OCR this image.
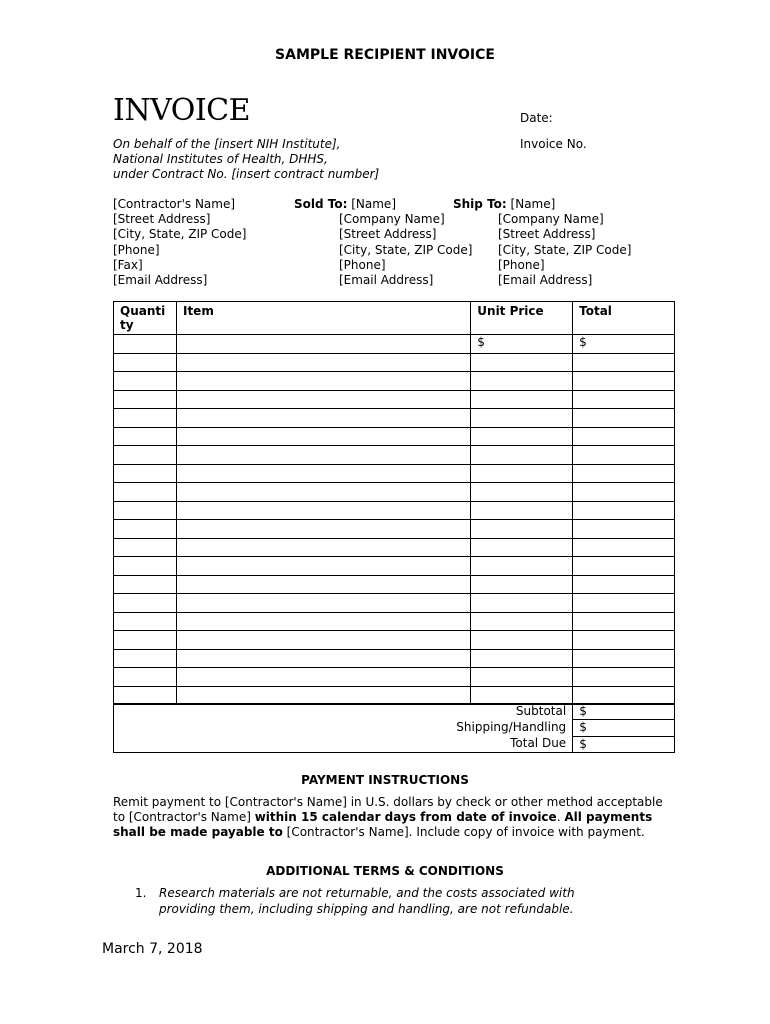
SAMPLE RECIPIENT INVOICE
INVOICE	Date:
Invoice No.
On behalf of the [insert NIH Institute],
National Institutes of Health, DHHS,
under Contract No. [insert contract number]
[Contractor's Name]
[Street Address]
[City, State, ZIP Code]
[Phone]
[Fax]
[Email Address]
Sold To: [Name]
[Company Name]
[Street Address]
[City, State, ZIP Code]
[Phone]
[Email Address]
Ship To: [Name]
[Company Name]
[Street Address]
[City, State, ZIP Code]
[Phone]
[Email Address]
Quantity	Item	Unit Price	Total
		$	$

Subtotal	$
Shipping/Handling	$
Total Due	$
PAYMENT INSTRUCTIONS
Remit payment to [Contractor's Name] in U.S. dollars by check or other method acceptable to [Contractor's Name] within 15 calendar days from date of invoice. All payments shall be made payable to [Contractor's Name]. Include copy of invoice with payment.
ADDITIONAL TERMS & CONDITIONS
1.	Research materials are not returnable, and the costs associated with providing them, including shipping and handling, are not refundable.
March 7, 2018
